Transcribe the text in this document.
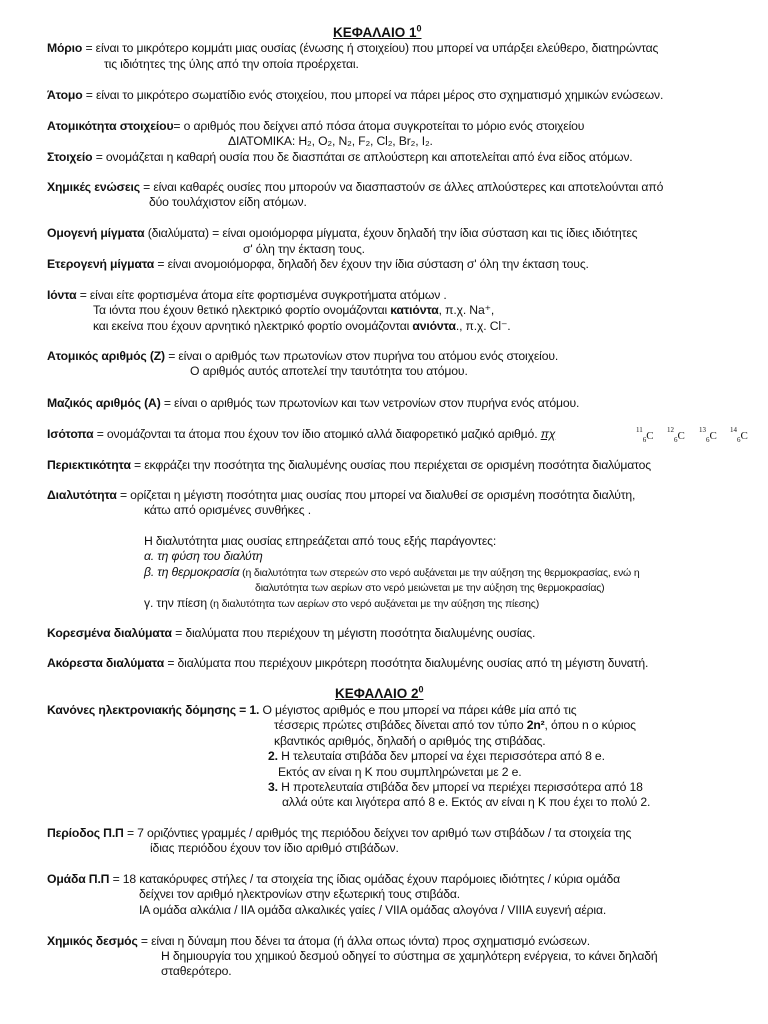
ΚΕΦΑΛΑΙΟ $1^0$
Μόριο = είναι το μικρότερο κομμάτι μιας ουσίας (ένωσης ή στοιχείου) που μπορεί να υπάρξει ελεύθερο, διατηρώντας
τις ιδιότητες της ύλης από την οποία προέρχεται.
Άτομο = είναι το μικρότερο σωματίδιο ενός στοιχείου, που μπορεί να πάρει μέρος στο σχηματισμό χημικών ενώσεων.
Ατομικότητα στοιχείου= ο αριθμός που δείχνει από πόσα άτομα συγκροτείται το μόριο ενός στοιχείου
ΔΙΑΤΟΜΙΚΑ: H₂, O₂, N₂, F₂, Cl₂, Br₂, I₂.
Στοιχείο = ονομάζεται η καθαρή ουσία που δε διασπάται σε απλούστερη και αποτελείται από ένα είδος ατόμων.
Χημικές ενώσεις = είναι καθαρές ουσίες που μπορούν να διασπαστούν σε άλλες απλούστερες και αποτελούνται από
δύο τουλάχιστον είδη ατόμων.
Ομογενή μίγματα (διαλύματα) = είναι ομοιόμορφα μίγματα, έχουν δηλαδή την ίδια σύσταση και τις ίδιες ιδιότητες
σ' όλη την έκταση τους.
Ετερογενή μίγματα = είναι ανομοιόμορφα, δηλαδή δεν έχουν την ίδια σύσταση σ' όλη την έκταση τους.
Ιόντα = είναι είτε φορτισμένα άτομα είτε φορτισμένα συγκροτήματα ατόμων .
Τα ιόντα που έχουν θετικό ηλεκτρικό φορτίο ονομάζονται κατιόντα, π.χ. Na⁺,
και εκείνα που έχουν αρνητικό ηλεκτρικό φορτίο ονομάζονται ανιόντα., π.χ. Cl⁻.
Ατομικός αριθμός (Z) = είναι ο αριθμός των πρωτονίων στον πυρήνα του ατόμου ενός στοιχείου.
Ο αριθμός αυτός αποτελεί την ταυτότητα του ατόμου.
Μαζικός αριθμός (A) = είναι ο αριθμός των πρωτονίων και των νετρονίων στον πυρήνα ενός ατόμου.
Ισότοπα = ονομάζονται τα άτομα που έχουν τον ίδιο ατομικό αλλά διαφορετικό μαζικό αριθμό. πχ	$^{11}_6$C $^{12}_6$C $^{13}_6$C $^{14}_6$C
Περιεκτικότητα = εκφράζει την ποσότητα της διαλυμένης ουσίας που περιέχεται σε ορισμένη ποσότητα διαλύματος
Διαλυτότητα = ορίζεται η μέγιστη ποσότητα μιας ουσίας που μπορεί να διαλυθεί σε ορισμένη ποσότητα διαλύτη,
κάτω από ορισμένες συνθήκες .
Η διαλυτότητα μιας ουσίας επηρεάζεται από τους εξής παράγοντες:
α. τη φύση του διαλύτη
β. τη θερμοκρασία (η διαλυτότητα των στερεών στο νερό αυξάνεται με την αύξηση της θερμοκρασίας, ενώ η
διαλυτότητα των αερίων στο νερό μειώνεται με την αύξηση της θερμοκρασίας)
γ. την πίεση (η διαλυτότητα των αερίων στο νερό αυξάνεται με την αύξηση της πίεσης)
Κορεσμένα διαλύματα = διαλύματα που περιέχουν τη μέγιστη ποσότητα διαλυμένης ουσίας.
Ακόρεστα διαλύματα = διαλύματα που περιέχουν μικρότερη ποσότητα διαλυμένης ουσίας από τη μέγιστη δυνατή.
ΚΕΦΑΛΑΙΟ $2^0$
Κανόνες ηλεκτρονιακής δόμησης = 1. Ο μέγιστος αριθμός e που μπορεί να πάρει κάθε μία από τις
τέσσερις πρώτες στιβάδες δίνεται από τον τύπο 2n², όπου n ο κύριος
κβαντικός αριθμός, δηλαδή ο αριθμός της στιβάδας.
2. Η τελευταία στιβάδα δεν μπορεί να έχει περισσότερα από 8 e.
Εκτός αν είναι η K που συμπληρώνεται με 2 e.
3. Η προτελευταία στιβάδα δεν μπορεί να περιέχει περισσότερα από 18
αλλά ούτε και λιγότερα από 8 e. Εκτός αν είναι η K που έχει το πολύ 2.
Περίοδος Π.Π = 7 οριζόντιες γραμμές / αριθμός της περιόδου δείχνει τον αριθμό των στιβάδων / τα στοιχεία της
ίδιας περιόδου έχουν τον ίδιο αριθμό στιβάδων.
Ομάδα Π.Π = 18 κατακόρυφες στήλες / τα στοιχεία της ίδιας ομάδας έχουν παρόμοιες ιδιότητες / κύρια ομάδα
δείχνει τον αριθμό ηλεκτρονίων στην εξωτερική τους στιβάδα.
IA ομάδα αλκάλια / IIA ομάδα αλκαλικές γαίες / VIIA ομάδας αλογόνα / VIIIA ευγενή αέρια.
Χημικός δεσμός = είναι η δύναμη που δένει τα άτομα (ή άλλα οπως ιόντα) προς σχηματισμό ενώσεων.
Η δημιουργία του χημικού δεσμού οδηγεί το σύστημα σε χαμηλότερη ενέργεια, το κάνει δηλαδή
σταθερότερο.
